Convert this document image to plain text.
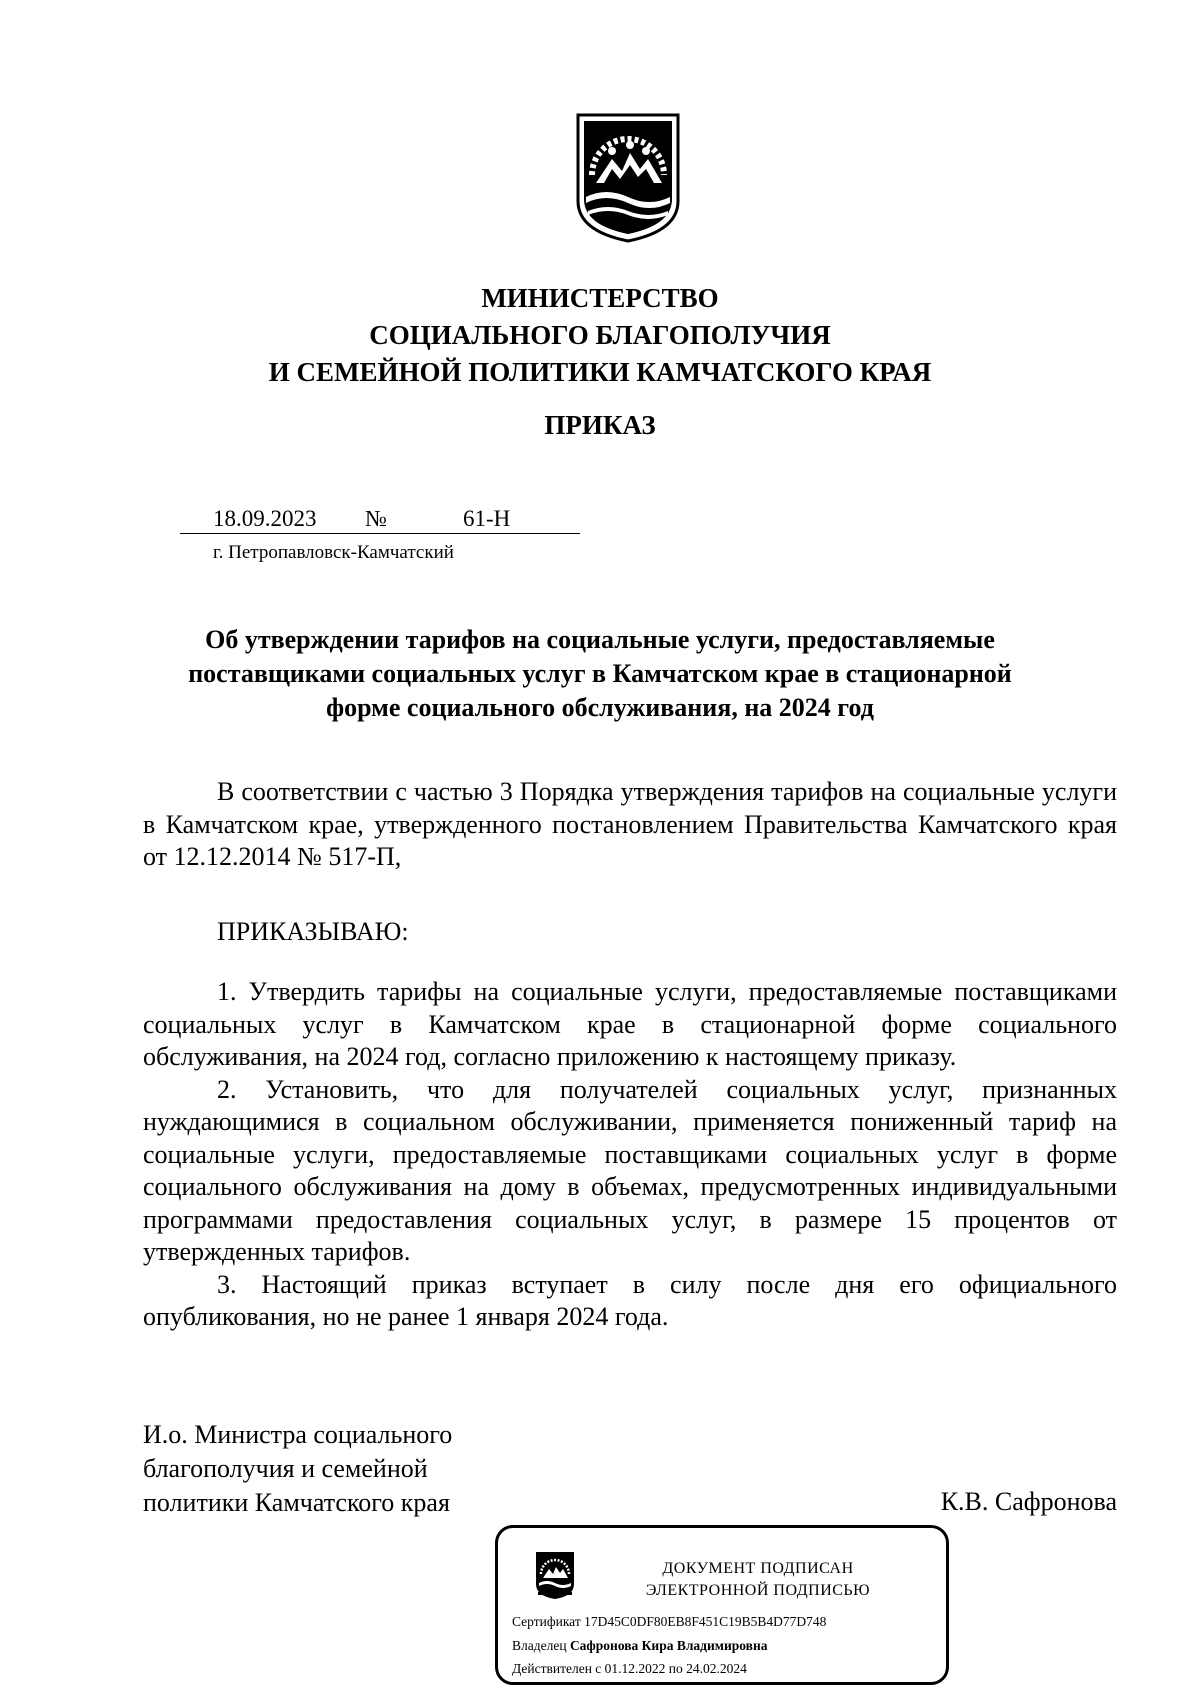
МИНИСТЕРСТВО
СОЦИАЛЬНОГО БЛАГОПОЛУЧИЯ
И СЕМЕЙНОЙ ПОЛИТИКИ КАМЧАТСКОГО КРАЯ
ПРИКАЗ
18.09.2023 №	61-Н
г. Петропавловск-Камчатский
Об утверждении тарифов на социальные услуги, предоставляемые
поставщиками социальных услуг в Камчатском крае в стационарной
форме социального обслуживания, на 2024 год

В соответствии с частью 3 Порядка утверждения тарифов на социальные услуги в Камчатском крае, утвержденного постановлением Правительства Камчатского края от 12.12.2014 № 517-П,

ПРИКАЗЫВАЮ:

1. Утвердить тарифы на социальные услуги, предоставляемые поставщиками социальных услуг в Камчатском крае в стационарной форме социального обслуживания, на 2024 год, согласно приложению к настоящему приказу.

2. Установить, что для получателей социальных услуг, признанных нуждающимися в социальном обслуживании, применяется пониженный тариф на социальные услуги, предоставляемые поставщиками социальных услуг в форме социального обслуживания на дому в объемах, предусмотренных индивидуальными программами предоставления социальных услуг, в размере 15 процентов от утвержденных тарифов.

3. Настоящий приказ вступает в силу после дня его официального опубликования, но не ранее 1 января 2024 года.

И.о. Министра социального
благополучия и семейной
политики Камчатского края	К.В. Сафронова
ДОКУМЕНТ ПОДПИСАН
ЭЛЕКТРОННОЙ ПОДПИСЬЮ
Сертификат 17D45C0DF80EB8F451C19B5B4D77D748
Владелец Сафронова Кира Владимировна
Действителен с 01.12.2022 по 24.02.2024
